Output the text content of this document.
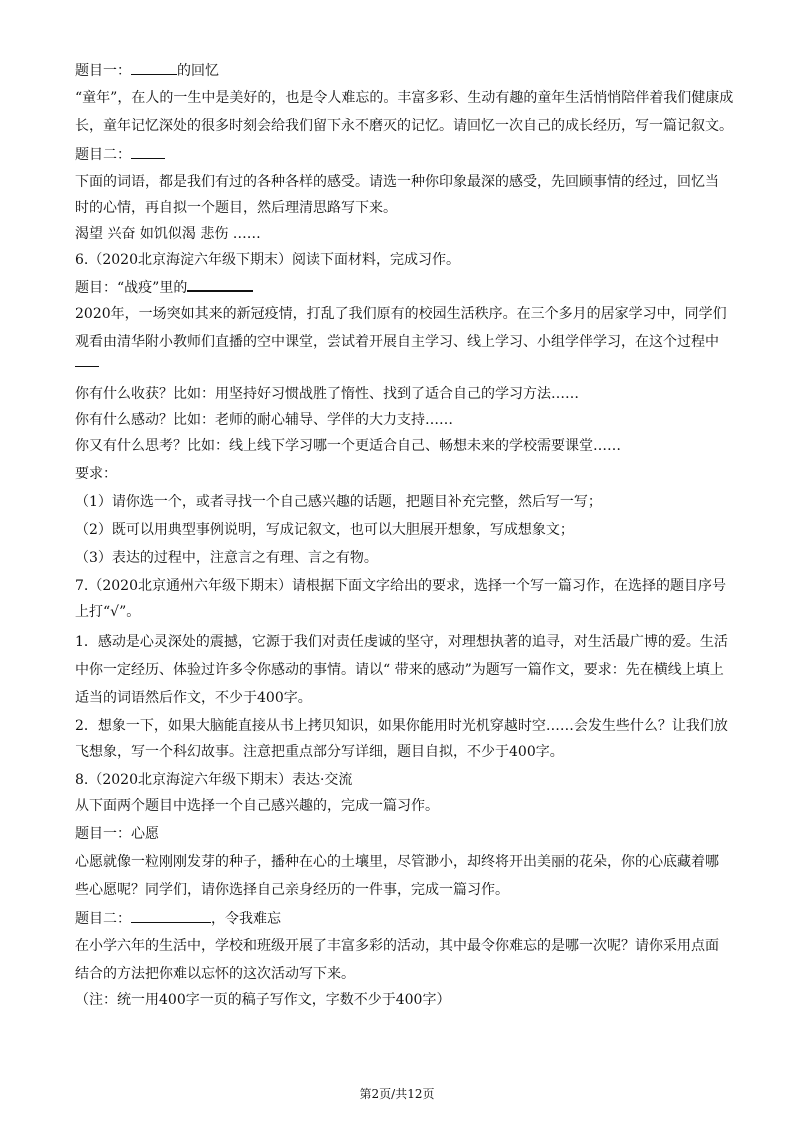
题目一：	的回忆
“童年”，在人的一生中是美好的，也是令人难忘的。丰富多彩、生动有趣的童年生活悄悄陪伴着我们健康成
长，童年记忆深处的很多时刻会给我们留下永不磨灭的记忆。请回忆一次自己的成长经历，写一篇记叙文。
题目二：
下面的词语，都是我们有过的各种各样的感受。请选一种你印象最深的感受，先回顾事情的经过，回忆当
时的心情，再自拟一个题目，然后理清思路写下来。
渴望 兴奋 如饥似渴 悲伤 ……
6.（2020北京海淀六年级下期末）阅读下面材料，完成习作。
题目：“战疫”里的
2020年，一场突如其来的新冠疫情，打乱了我们原有的校园生活秩序。在三个多月的居家学习中，同学们
观看由清华附小教师们直播的空中课堂，尝试着开展自主学习、线上学习、小组学伴学习，在这个过程中
你有什么收获？比如：用坚持好习惯战胜了惰性、找到了适合自己的学习方法……
你有什么感动？比如：老师的耐心辅导、学伴的大力支持……
你又有什么思考？比如：线上线下学习哪一个更适合自己、畅想未来的学校需要课堂……
要求：
（1）请你选一个，或者寻找一个自己感兴趣的话题，把题目补充完整，然后写一写；
（2）既可以用典型事例说明，写成记叙文，也可以大胆展开想象，写成想象文；
（3）表达的过程中，注意言之有理、言之有物。
7.（2020北京通州六年级下期末）请根据下面文字给出的要求，选择一个写一篇习作，在选择的题目序号
上打“√”。
1．感动是心灵深处的震撼，它源于我们对责任虔诚的坚守，对理想执著的追寻，对生活最广博的爱。生活
中你一定经历、体验过许多令你感动的事情。请以“ 带来的感动”为题写一篇作文，要求：先在横线上填上
适当的词语然后作文，不少于400字。
2．想象一下，如果大脑能直接从书上拷贝知识，如果你能用时光机穿越时空……会发生些什么？让我们放
飞想象，写一个科幻故事。注意把重点部分写详细，题目自拟，不少于400字。
8.（2020北京海淀六年级下期末）表达·交流
从下面两个题目中选择一个自己感兴趣的，完成一篇习作。
题目一：心愿
心愿就像一粒刚刚发芽的种子，播种在心的土壤里，尽管渺小，却终将开出美丽的花朵，你的心底藏着哪
些心愿呢？同学们，请你选择自己亲身经历的一件事，完成一篇习作。
题目二：	，令我难忘
在小学六年的生活中，学校和班级开展了丰富多彩的活动，其中最令你难忘的是哪一次呢？请你采用点面
结合的方法把你难以忘怀的这次活动写下来。
（注：统一用400字一页的稿子写作文，字数不少于400字）
第2页/共12页
